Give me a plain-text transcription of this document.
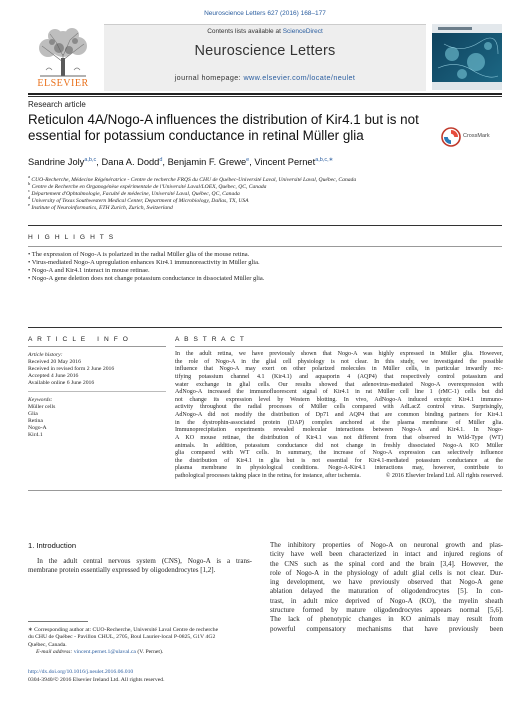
Neuroscience Letters 627 (2016) 168–177
ELSEVIER
Contents lists available at ScienceDirect
Neuroscience Letters
journal homepage: www.elsevier.com/locate/neulet
Research article
Reticulon 4A/Nogo-A influences the distribution of Kir4.1 but is not
essential for potassium conductance in retinal Müller glia	CrossMark
Sandrine Joly$^{a,b,c}$, Dana A. Dodd$^d$, Benjamin F. Grewe$^e$, Vincent Pernet$^{a,b,c,∗}$
$^a$ CUO-Recherche, Médecine Régénératrice - Centre de recherche FRQS du CHU de Québec-Université Laval, Université Laval, Québec, Canada
$^b$ Centre de Recherche en Organogénèse expérimentale de l'Université Laval/LOEX, Québec, QC, Canada
$^c$ Département d'Ophtalmologie, Faculté de médecine, Université Laval, Québec, QC, Canada
$^d$ University of Texas Southwestern Medical Center, Department of Microbiology, Dallas, TX, USA
$^e$ Institute of Neuroinformatics, ETH Zurich, Zurich, Switzerland
H I G H L I G H T S
• The expression of Nogo-A is polarized in the radial Müller glia of the mouse retina.
• Virus-mediated Nogo-A upregulation enhances Kir4.1 immunoreactivity in Müller glia.
• Nogo-A and Kir4.1 interact in mouse retinae.
• Nogo-A gene deletion does not change potassium conductance in dissociated Müller glia.
A R T I C L E   I N F O	A B S T R A C T
Article history:
Received 20 May 2016
Received in revised form 2 June 2016
Accepted 4 June 2016
Available online 6 June 2016
Keywords:
Müller cells
Glia
Retina
Nogo-A
Kir4.1
In the adult retina, we have previously shown that Nogo-A was highly expressed in Müller glia. However,
the role of Nogo-A in the glial cell physiology is not clear. In this study, we investigated the possible
influence that Nogo-A may exert on other polarized molecules in Müller cells, in particular inwardly rec-
tifying potassium channel 4.1 (Kir4.1) and aquaporin 4 (AQP4) that respectively control potassium and
water exchange in glial cells. Our results showed that adenovirus-mediated Nogo-A overexpression with
AdNogo-A increased the immunofluorescent signal of Kir4.1 in rat Müller cell line 1 (rMC-1) cells but did
not change its expression level by Western blotting. In vivo, AdNogo-A induced ectopic Kir4.1 immuno-
activity throughout the radial processes of Müller cells compared with AdLacZ control virus. Surprisingly,
AdNogo-A did not modify the distribution of Dp71 and AQP4 that are common binding partners for Kir4.1
in the dystrophin-associated protein (DAP) complex anchored at the plasma membrane of Müller glia.
Immunoprecipitation experiments revealed molecular interactions between Nogo-A and Kir4.1. In Nogo-
A KO mouse retinae, the distribution of Kir4.1 was not different from that observed in Wild-Type (WT)
animals. In addition, potassium conductance did not change in freshly dissociated Nogo-A KO Müller
glia compared with WT cells. In summary, the increase of Nogo-A expression can selectively influence
the distribution of Kir4.1 in glia but is not essential for Kir4.1-mediated potassium conductance at the
plasma membrane in physiological conditions. Nogo-A-Kir4.1 interactions may, however, contribute to
pathological processes taking place in the retina, for instance, after ischemia.	© 2016 Elsevier Ireland Ltd. All rights reserved.
1. Introduction
In the adult central nervous system (CNS), Nogo-A is a trans-
membrane protein essentially expressed by oligodendrocytes [1,2].
The inhibitory properties of Nogo-A on neuronal growth and plas-
ticity have well been characterized in intact and injured regions of
the CNS such as the spinal cord and the brain [3,4]. However, the
role of Nogo-A in the physiology of adult glial cells is not clear. Dur-
ing development, we have previously observed that Nogo-A gene
ablation delayed the maturation of oligodendrocytes [5]. In con-
trast, in adult mice deprived of Nogo-A (KO), the myelin sheath
structure formed by mature oligodendrocytes appears normal [5,6].
The lack of phenotypic changes in KO animals may result from
powerful compensatory mechanisms that have previously been
∗ Corresponding author at: CUO-Recherche, Université Laval Centre de recherche
du CHU de Québec - Pavillon CHUL, 2705, Boul Laurier-local P-0825, G1V 4G2
Québec, Canada.
E-mail address: vincent.pernet.1@ulaval.ca (V. Pernet).
http://dx.doi.org/10.1016/j.neulet.2016.06.010
0304-3940/© 2016 Elsevier Ireland Ltd. All rights reserved.
